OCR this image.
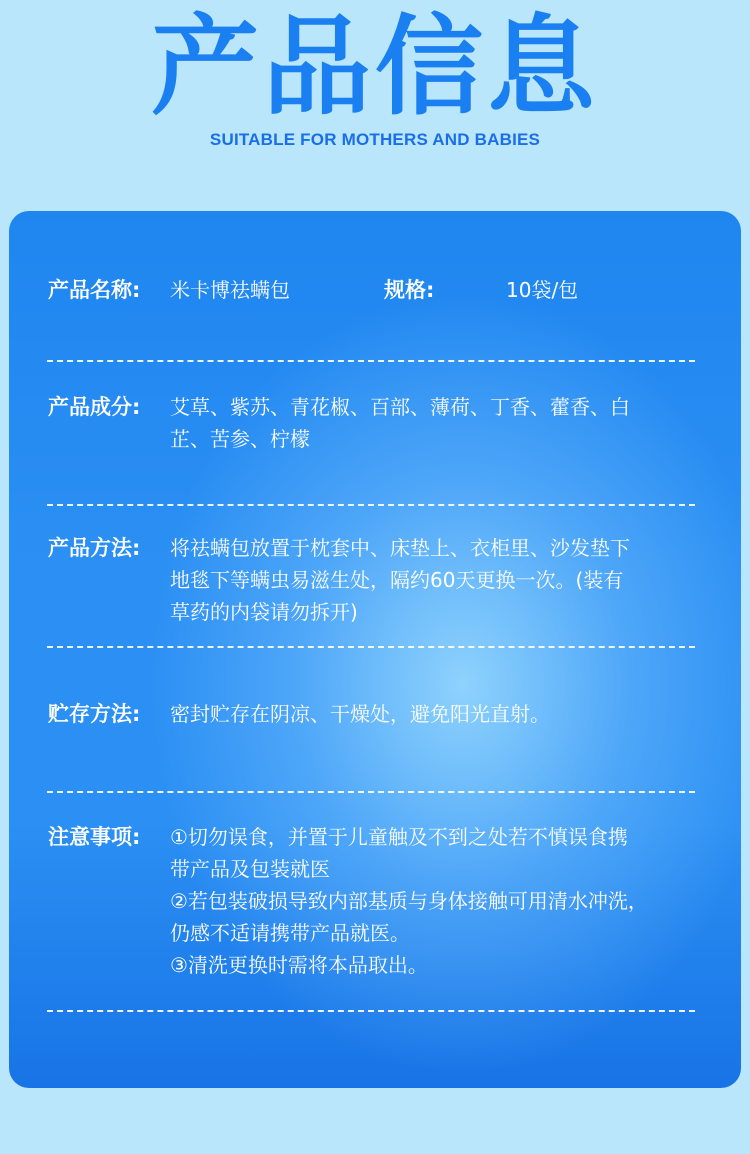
产品信息
SUITABLE FOR MOTHERS AND BABIES
产品名称: 米卡博祛螨包	规格:	10袋/包
产品成分: 艾草、紫苏、青花椒、百部、薄荷、丁香、藿香、白
芷、苦参、柠檬
产品方法: 将祛螨包放置于枕套中、床垫上、衣柜里、沙发垫下
地毯下等螨虫易滋生处，隔约60天更换一次。(装有
草药的内袋请勿拆开)
贮存方法: 密封贮存在阴凉、干燥处，避免阳光直射。
注意事项: ①切勿误食，并置于儿童触及不到之处若不慎误食携
带产品及包装就医
②若包装破损导致内部基质与身体接触可用清水冲洗，
仍感不适请携带产品就医。
③清洗更换时需将本品取出。
